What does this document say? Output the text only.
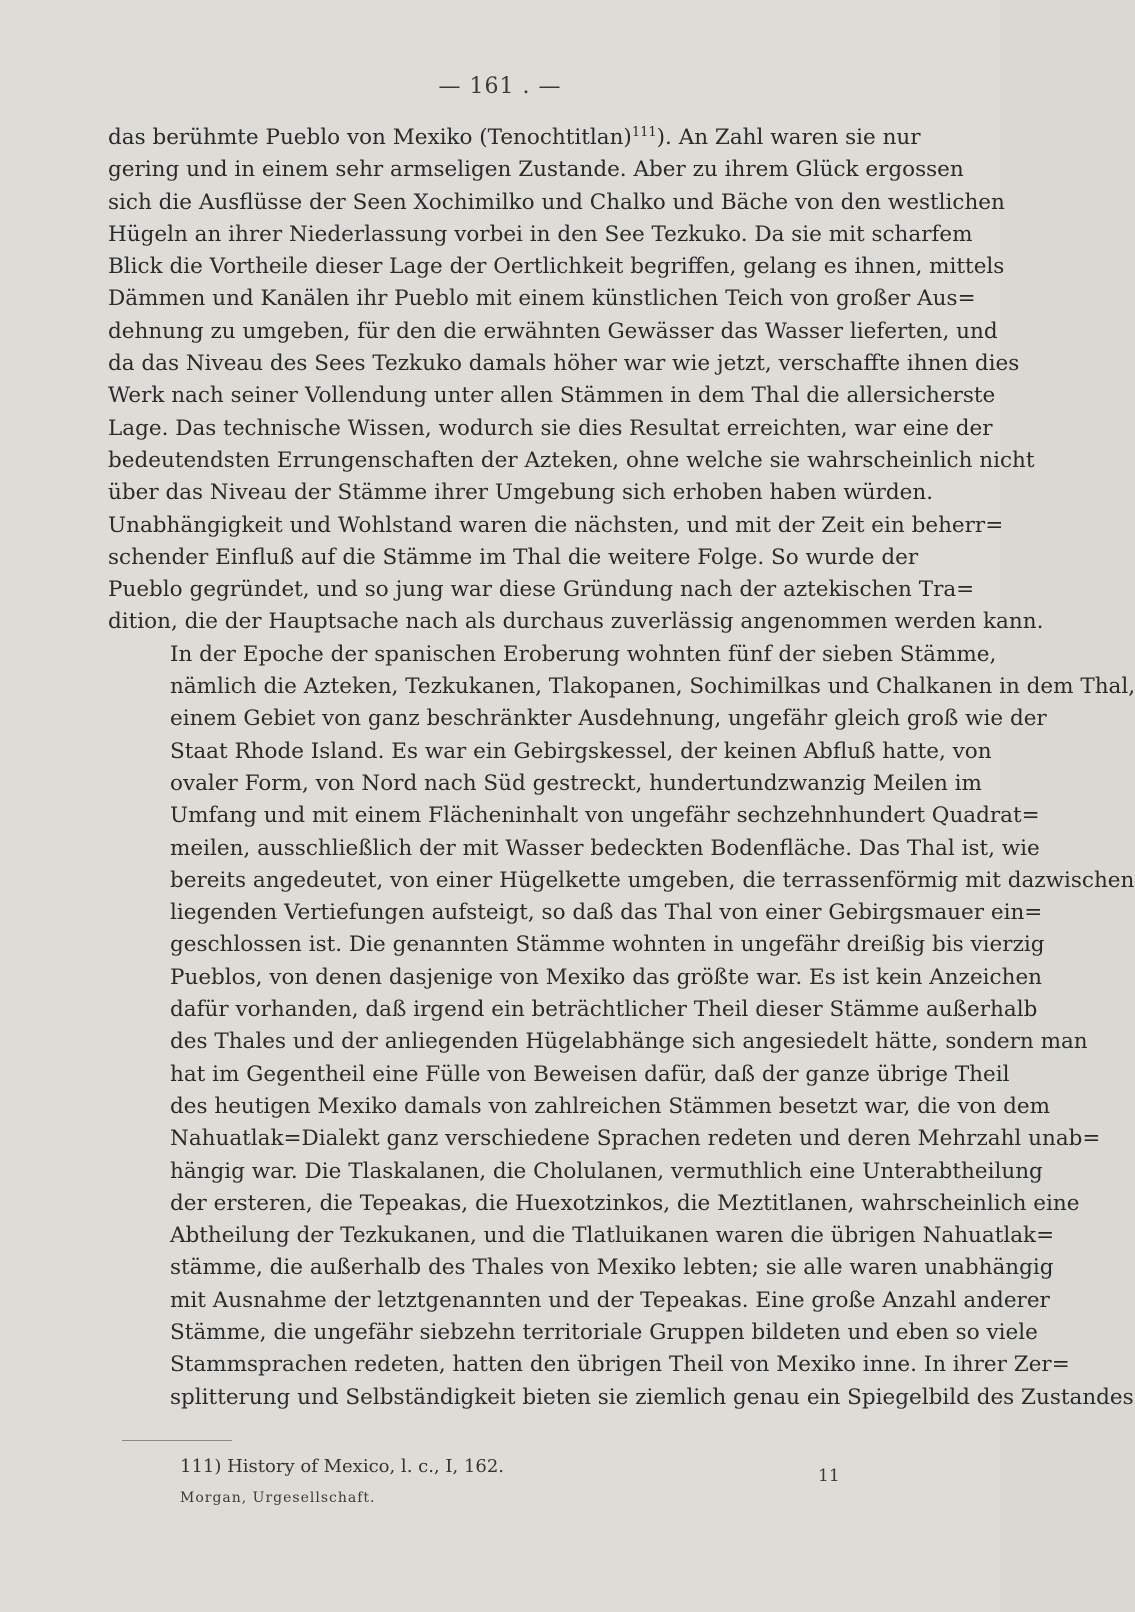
— 161 . —
das berühmte Pueblo von Mexiko (Tenochtitlan)$^{111}$). An Zahl waren sie nur
gering und in einem sehr armseligen Zustande. Aber zu ihrem Glück ergossen
sich die Ausflüsse der Seen Xochimilko und Chalko und Bäche von den westlichen
Hügeln an ihrer Niederlassung vorbei in den See Tezkuko. Da sie mit scharfem
Blick die Vortheile dieser Lage der Oertlichkeit begriffen, gelang es ihnen, mittels
Dämmen und Kanälen ihr Pueblo mit einem künstlichen Teich von großer Aus=
dehnung zu umgeben, für den die erwähnten Gewässer das Wasser lieferten, und
da das Niveau des Sees Tezkuko damals höher war wie jetzt, verschaffte ihnen dies
Werk nach seiner Vollendung unter allen Stämmen in dem Thal die allersicherste
Lage. Das technische Wissen, wodurch sie dies Resultat erreichten, war eine der
bedeutendsten Errungenschaften der Azteken, ohne welche sie wahrscheinlich nicht
über das Niveau der Stämme ihrer Umgebung sich erhoben haben würden.
Unabhängigkeit und Wohlstand waren die nächsten, und mit der Zeit ein beherr=
schender Einfluß auf die Stämme im Thal die weitere Folge. So wurde der
Pueblo gegründet, und so jung war diese Gründung nach der aztekischen Tra=
dition, die der Hauptsache nach als durchaus zuverlässig angenommen werden kann.
In der Epoche der spanischen Eroberung wohnten fünf der sieben Stämme,
nämlich die Azteken, Tezkukanen, Tlakopanen, Sochimilkas und Chalkanen in dem Thal,
einem Gebiet von ganz beschränkter Ausdehnung, ungefähr gleich groß wie der
Staat Rhode Island. Es war ein Gebirgskessel, der keinen Abfluß hatte, von
ovaler Form, von Nord nach Süd gestreckt, hundertundzwanzig Meilen im
Umfang und mit einem Flächeninhalt von ungefähr sechzehnhundert Quadrat=
meilen, ausschließlich der mit Wasser bedeckten Bodenfläche. Das Thal ist, wie
bereits angedeutet, von einer Hügelkette umgeben, die terrassenförmig mit dazwischen
liegenden Vertiefungen aufsteigt, so daß das Thal von einer Gebirgsmauer ein=
geschlossen ist. Die genannten Stämme wohnten in ungefähr dreißig bis vierzig
Pueblos, von denen dasjenige von Mexiko das größte war. Es ist kein Anzeichen
dafür vorhanden, daß irgend ein beträchtlicher Theil dieser Stämme außerhalb
des Thales und der anliegenden Hügelabhänge sich angesiedelt hätte, sondern man
hat im Gegentheil eine Fülle von Beweisen dafür, daß der ganze übrige Theil
des heutigen Mexiko damals von zahlreichen Stämmen besetzt war, die von dem
Nahuatlak=Dialekt ganz verschiedene Sprachen redeten und deren Mehrzahl unab=
hängig war. Die Tlaskalanen, die Cholulanen, vermuthlich eine Unterabtheilung
der ersteren, die Tepeakas, die Huexotzinkos, die Meztitlanen, wahrscheinlich eine
Abtheilung der Tezkukanen, und die Tlatluikanen waren die übrigen Nahuatlak=
stämme, die außerhalb des Thales von Mexiko lebten; sie alle waren unabhängig
mit Ausnahme der letztgenannten und der Tepeakas. Eine große Anzahl anderer
Stämme, die ungefähr siebzehn territoriale Gruppen bildeten und eben so viele
Stammsprachen redeten, hatten den übrigen Theil von Mexiko inne. In ihrer Zer=
splitterung und Selbständigkeit bieten sie ziemlich genau ein Spiegelbild des Zustandes
111) History of Mexico, l. c., I, 162.
Morgan, Urgesellschaft.
11
